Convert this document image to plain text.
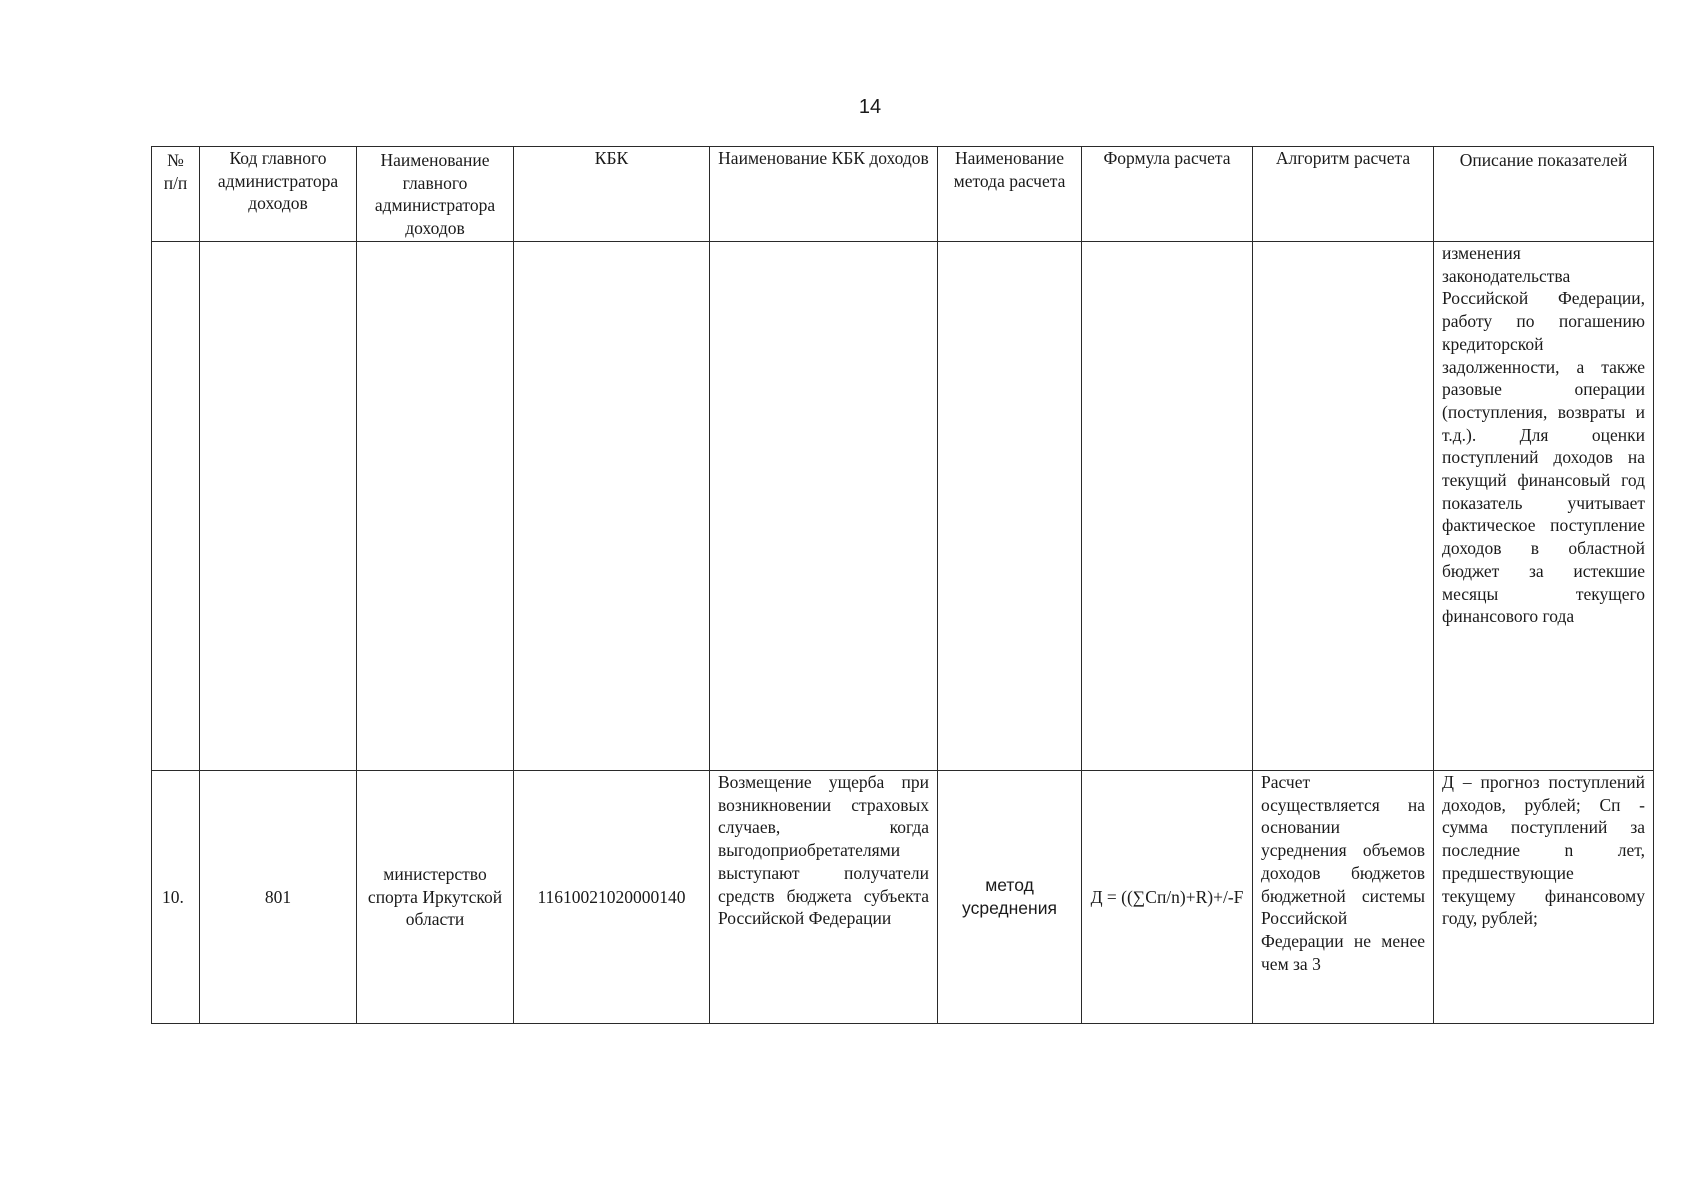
14
№ п/п	Код главного администратора доходов	Наименование главного администратора доходов	КБК	Наименование КБК доходов	Наименование метода расчета	Формула расчета	Алгоритм расчета	Описание показателей
								изменения законодательства Российской Федерации, работу по погашению кредиторской задолженности, а также разовые операции (поступления, возвраты и т.д.). Для оценки поступлений доходов на текущий финансовый год показатель учитывает фактическое поступление доходов в областной бюджет за истекшие месяцы текущего финансового года
10.	801	министерство спорта Иркутской области	11610021020000140	Возмещение ущерба при возникновении страховых случаев, когда выгодоприобретателями выступают получатели средств бюджета субъекта Российской Федерации	метод усреднения	Д = ((∑Сп/n)+R)+/-F	Расчет осуществляется на основании усреднения объемов доходов бюджетов бюджетной системы Российской Федерации не менее чем за 3	Д – прогноз поступлений доходов, рублей; Сп - сумма поступлений за последние n лет, предшествующие текущему финансовому году, рублей;
